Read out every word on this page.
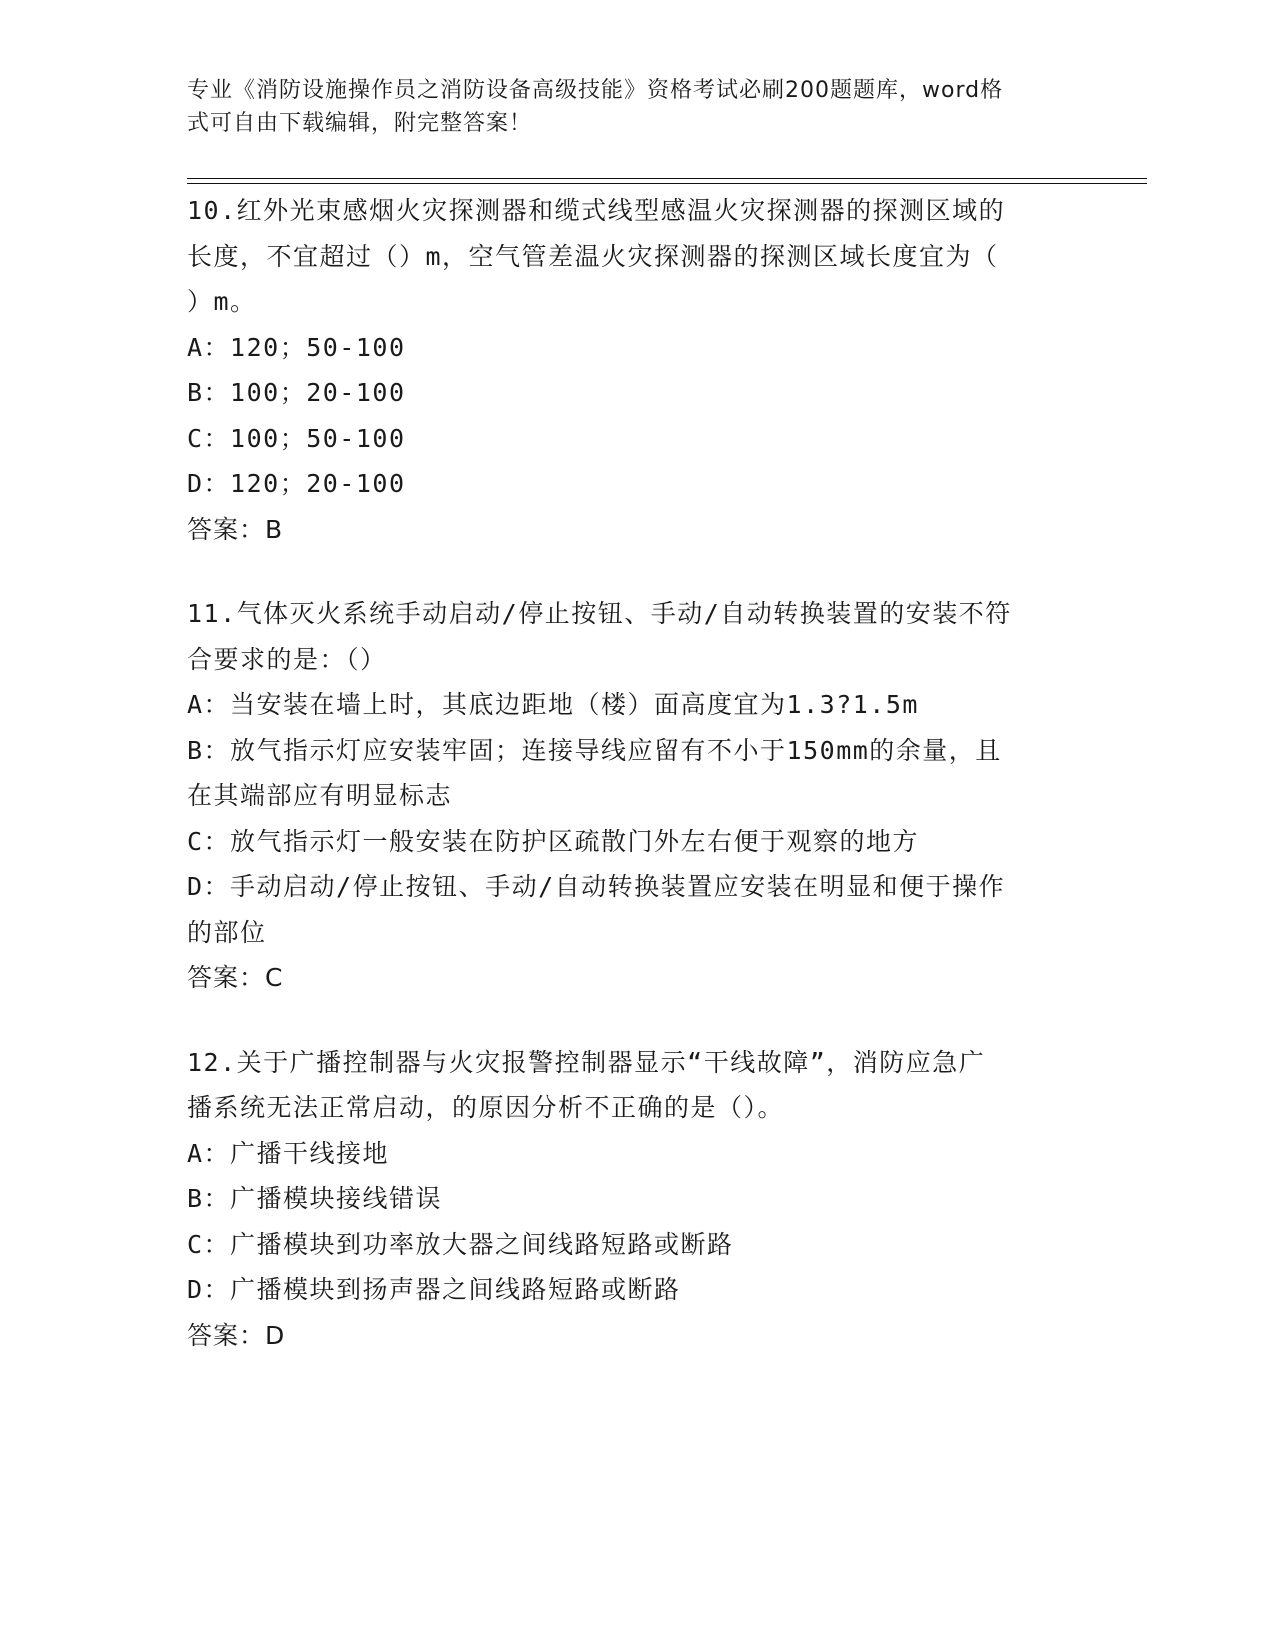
专业《消防设施操作员之消防设备高级技能》资格考试必刷200题题库，word格
式可自由下载编辑，附完整答案！
10.红外光束感烟火灾探测器和缆式线型感温火灾探测器的探测区域的
长度，不宜超过（）m，空气管差温火灾探测器的探测区域长度宜为（
）m。
A：120；50-100
B：100；20-100
C：100；50-100
D：120；20-100
答案：B
11.气体灭火系统手动启动/停止按钮、手动/自动转换装置的安装不符
合要求的是：（）
A：当安装在墙上时，其底边距地（楼）面高度宜为1.3?1.5m
B：放气指示灯应安装牢固；连接导线应留有不小于150mm的余量，且
在其端部应有明显标志
C：放气指示灯一般安装在防护区疏散门外左右便于观察的地方
D：手动启动/停止按钮、手动/自动转换装置应安装在明显和便于操作
的部位
答案：C
12.关于广播控制器与火灾报警控制器显示“干线故障”，消防应急广
播系统无法正常启动，的原因分析不正确的是（）。
A：广播干线接地
B：广播模块接线错误
C：广播模块到功率放大器之间线路短路或断路
D：广播模块到扬声器之间线路短路或断路
答案：D
